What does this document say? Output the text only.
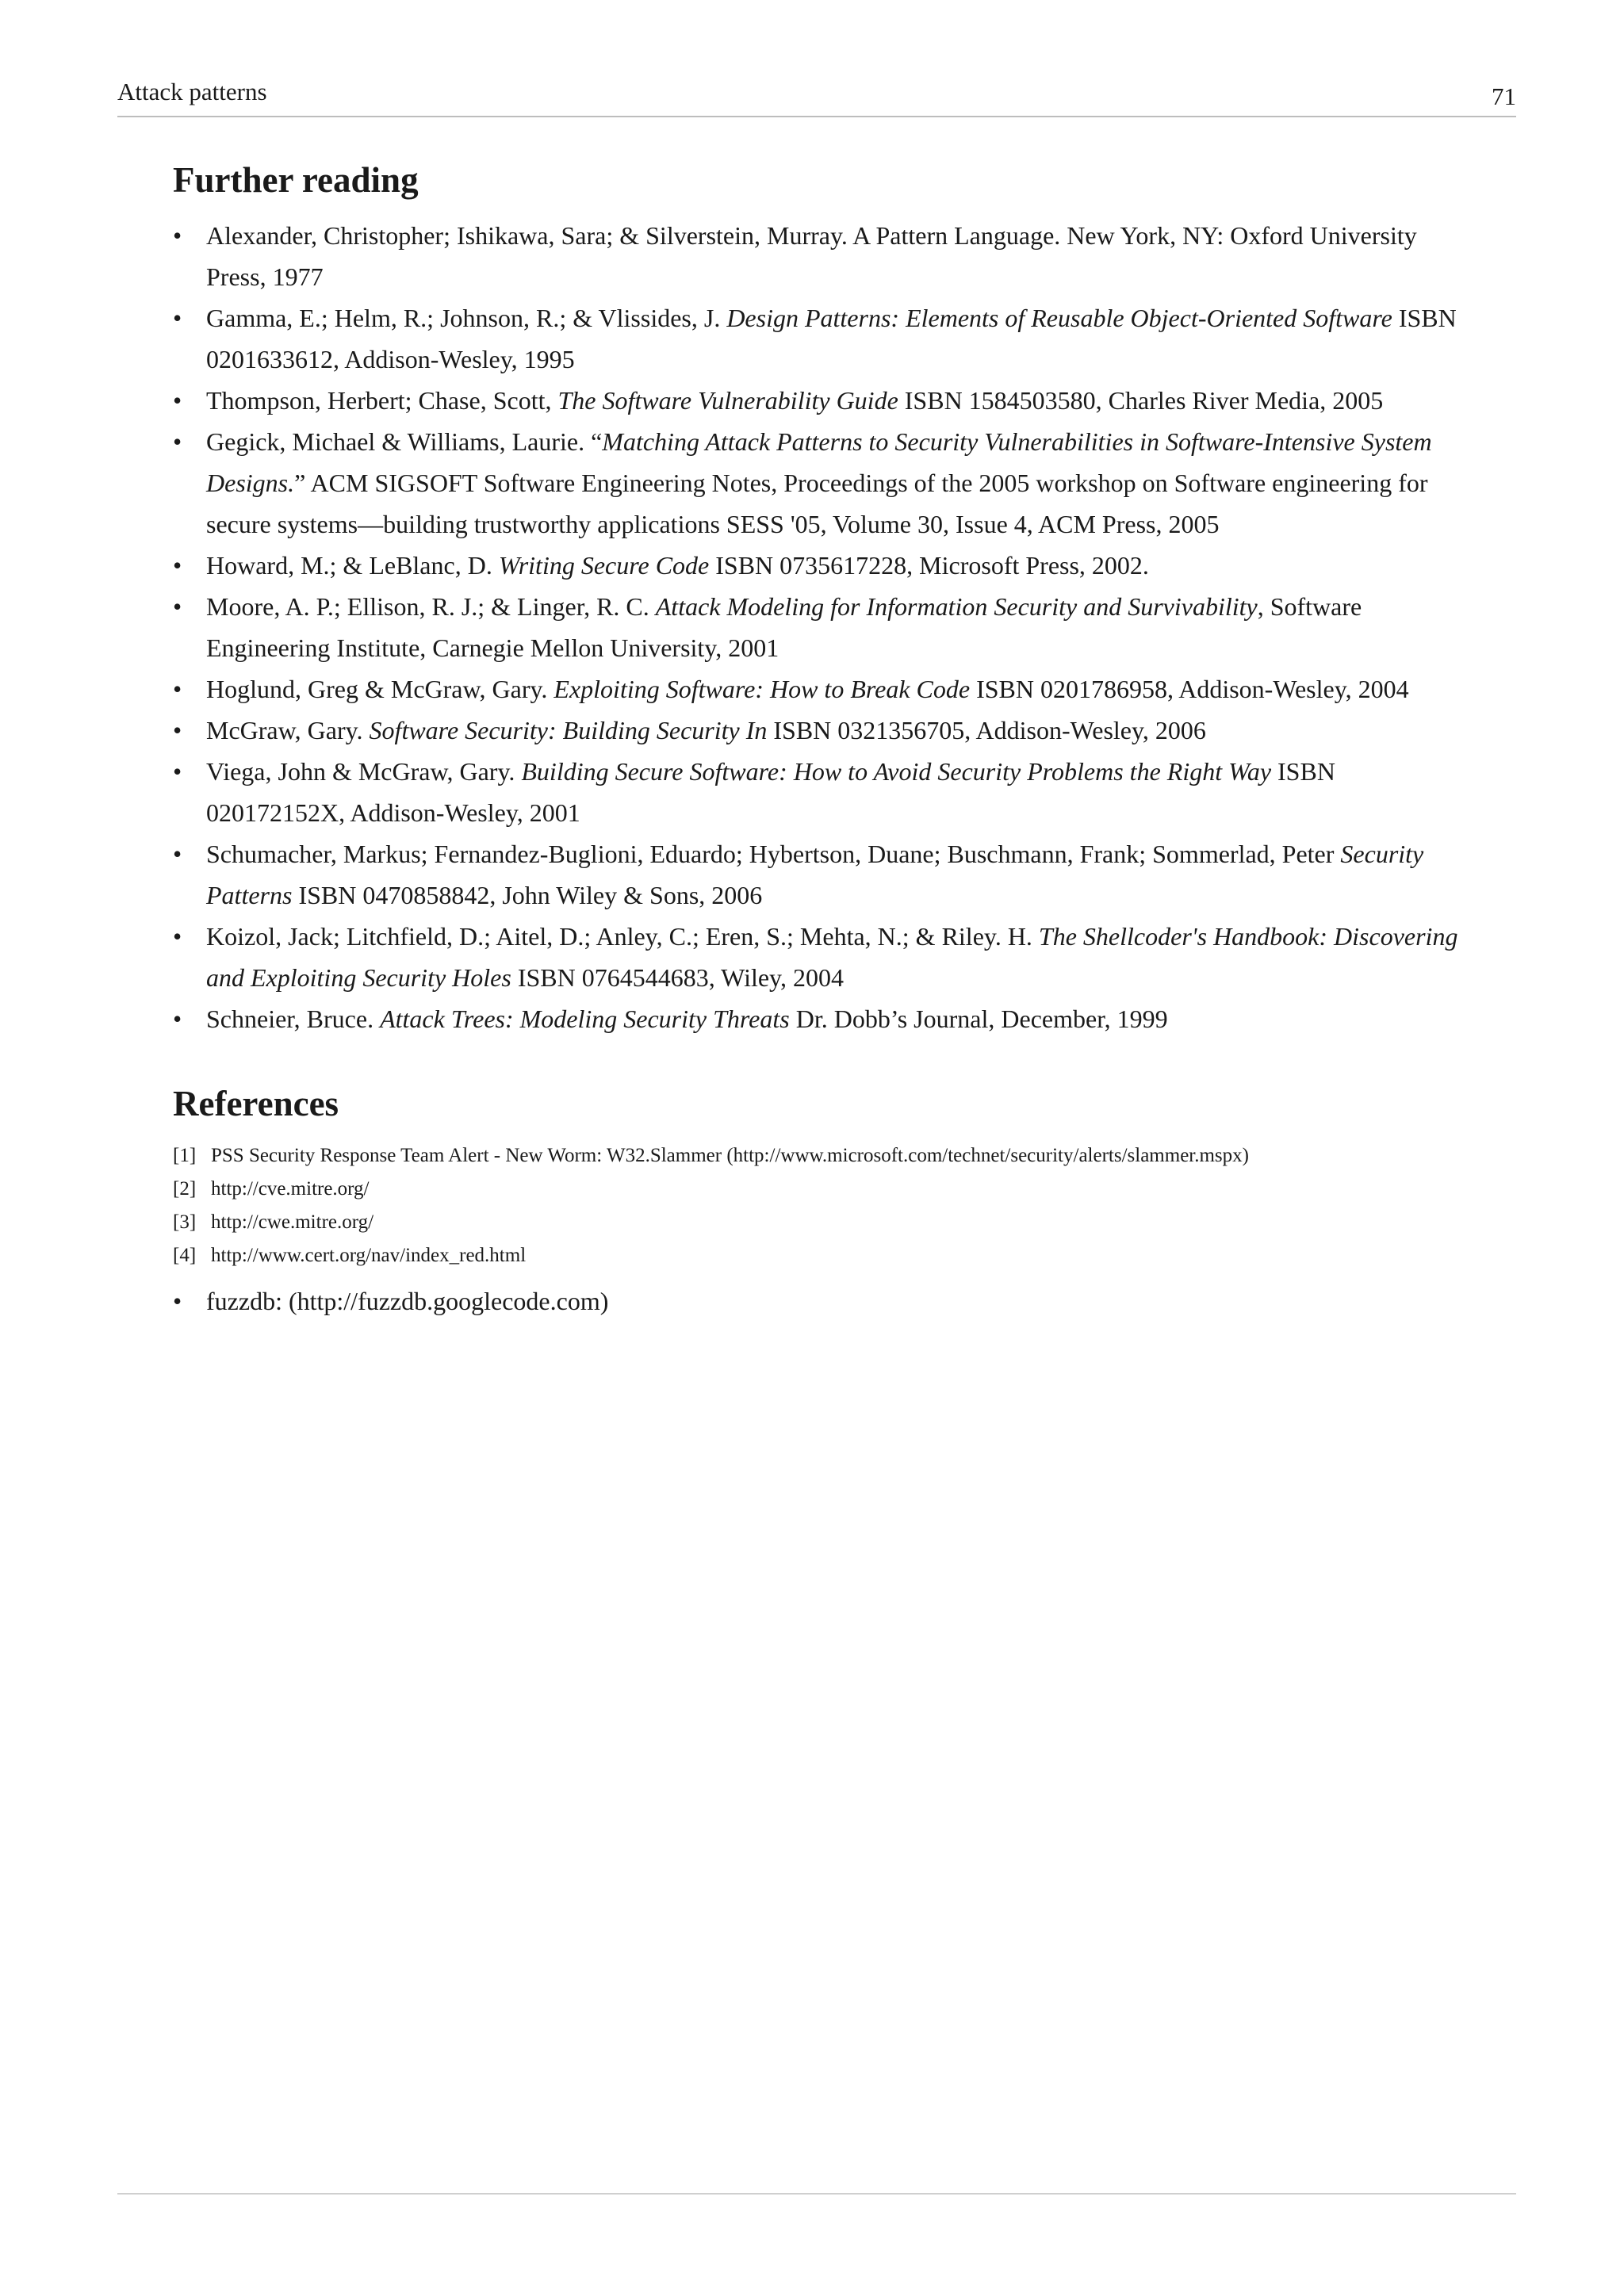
Attack patterns	71
Further reading
• Alexander, Christopher; Ishikawa, Sara; & Silverstein, Murray. A Pattern Language. New York, NY: Oxford University Press, 1977
• Gamma, E.; Helm, R.; Johnson, R.; & Vlissides, J. Design Patterns: Elements of Reusable Object-Oriented Software ISBN 0201633612, Addison-Wesley, 1995
• Thompson, Herbert; Chase, Scott, The Software Vulnerability Guide ISBN 1584503580, Charles River Media, 2005
• Gegick, Michael & Williams, Laurie. “Matching Attack Patterns to Security Vulnerabilities in Software-Intensive System Designs.” ACM SIGSOFT Software Engineering Notes, Proceedings of the 2005 workshop on Software engineering for secure systems—building trustworthy applications SESS '05, Volume 30, Issue 4, ACM Press, 2005
• Howard, M.; & LeBlanc, D. Writing Secure Code ISBN 0735617228, Microsoft Press, 2002.
• Moore, A. P.; Ellison, R. J.; & Linger, R. C. Attack Modeling for Information Security and Survivability, Software Engineering Institute, Carnegie Mellon University, 2001
• Hoglund, Greg & McGraw, Gary. Exploiting Software: How to Break Code ISBN 0201786958, Addison-Wesley, 2004
• McGraw, Gary. Software Security: Building Security In ISBN 0321356705, Addison-Wesley, 2006
• Viega, John & McGraw, Gary. Building Secure Software: How to Avoid Security Problems the Right Way ISBN 020172152X, Addison-Wesley, 2001
• Schumacher, Markus; Fernandez-Buglioni, Eduardo; Hybertson, Duane; Buschmann, Frank; Sommerlad, Peter Security Patterns ISBN 0470858842, John Wiley & Sons, 2006
• Koizol, Jack; Litchfield, D.; Aitel, D.; Anley, C.; Eren, S.; Mehta, N.; & Riley. H. The Shellcoder's Handbook: Discovering and Exploiting Security Holes ISBN 0764544683, Wiley, 2004
• Schneier, Bruce. Attack Trees: Modeling Security Threats Dr. Dobb’s Journal, December, 1999
References
[1] PSS Security Response Team Alert - New Worm: W32.Slammer (http://www.microsoft.com/technet/security/alerts/slammer.mspx)
[2] http://cve.mitre.org/
[3] http://cwe.mitre.org/
[4] http://www.cert.org/nav/index_red.html
• fuzzdb: (http://fuzzdb.googlecode.com)
